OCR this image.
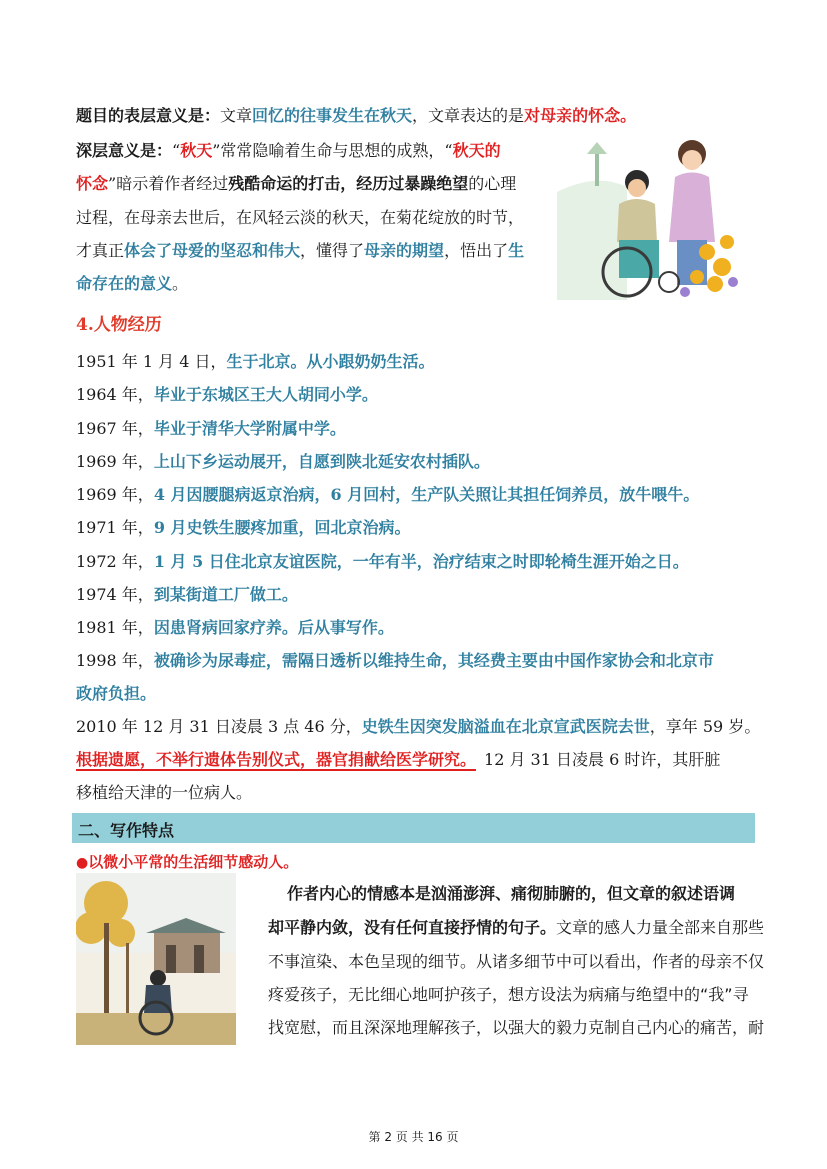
题目的表层意义是：文章回忆的往事发生在秋天，文章表达的是对母亲的怀念。
深层意义是：“秋天”常常隐喻着生命与思想的成熟，“秋天的
怀念”暗示着作者经过残酷命运的打击，经历过暴躁绝望的心理
过程，在母亲去世后，在风轻云淡的秋天，在菊花绽放的时节，
才真正体会了母爱的坚忍和伟大，懂得了母亲的期望，悟出了生
命存在的意义。
4.人物经历
1951 年 1 月 4 日，生于北京。从小跟奶奶生活。
1964 年，毕业于东城区王大人胡同小学。
1967 年，毕业于清华大学附属中学。
1969 年，上山下乡运动展开，自愿到陕北延安农村插队。
1969 年，4 月因腰腿病返京治病，6 月回村，生产队关照让其担任饲养员，放牛喂牛。
1971 年，9 月史铁生腰疼加重，回北京治病。
1972 年，1 月 5 日住北京友谊医院，一年有半，治疗结束之时即轮椅生涯开始之日。
1974 年，到某街道工厂做工。
1981 年，因患肾病回家疗养。后从事写作。
1998 年，被确诊为尿毒症，需隔日透析以维持生命，其经费主要由中国作家协会和北京市
政府负担。
2010 年 12 月 31 日凌晨 3 点 46 分，史铁生因突发脑溢血在北京宣武医院去世，享年 59 岁。
根据遗愿，不举行遗体告别仪式，器官捐献给医学研究。 12 月 31 日凌晨 6 时许，其肝脏
移植给天津的一位病人。
二、写作特点
●以微小平常的生活细节感动人。
作者内心的情感本是汹涌澎湃、痛彻肺腑的，但文章的叙述语调
却平静内敛，没有任何直接抒情的句子。文章的感人力量全部来自那些
不事渲染、本色呈现的细节。从诸多细节中可以看出，作者的母亲不仅
疼爱孩子，无比细心地呵护孩子，想方设法为病痛与绝望中的“我”寻
找宽慰，而且深深地理解孩子，以强大的毅力克制自己内心的痛苦，耐
第 2 页 共 16 页
